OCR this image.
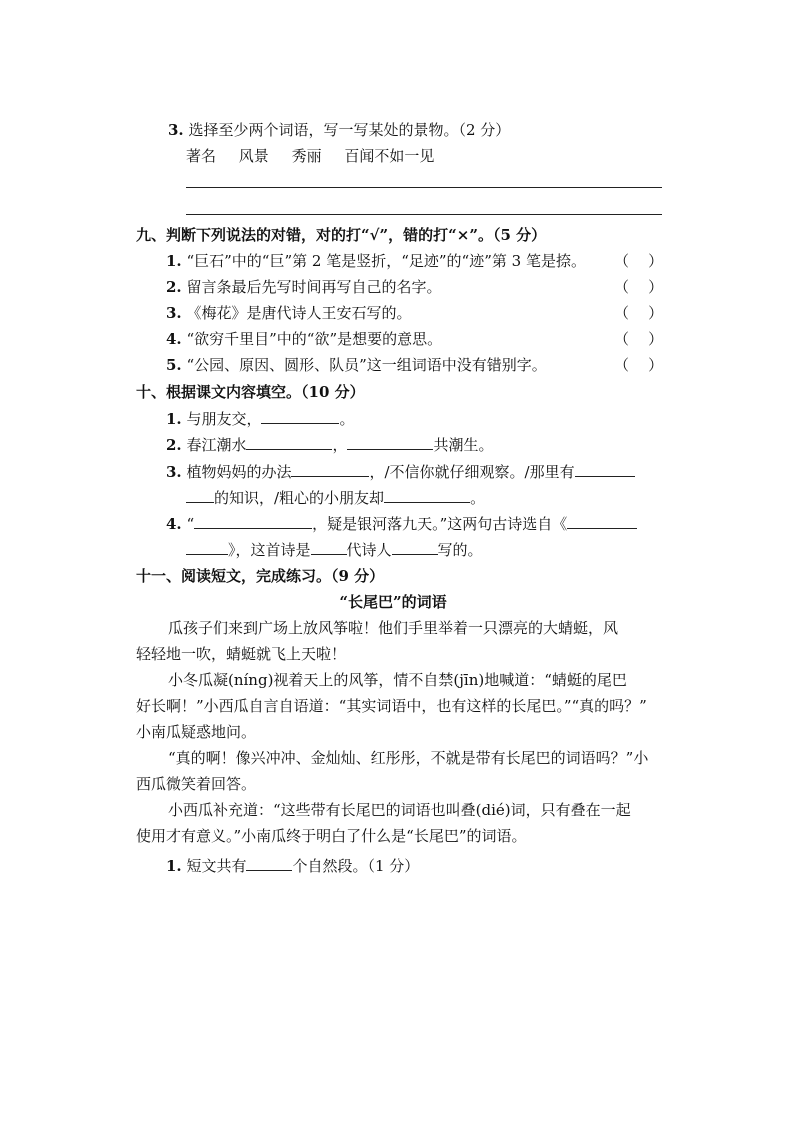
3. 选择至少两个词语，写一写某处的景物。（2 分）
著名 风景 秀丽 百闻不如一见
九、判断下列说法的对错，对的打“√”，错的打“×”。（5 分）
1. “巨石”中的“巨”第 2 笔是竖折，“足迹”的“迹”第 3 笔是捺。 （    ）
2. 留言条最后先写时间再写自己的名字。	（    ）
3. 《梅花》是唐代诗人王安石写的。	（    ）
4. “欲穷千里目”中的“欲”是想要的意思。	（    ）
5. “公园、原因、圆形、队员”这一组词语中没有错别字。	（    ）
十、根据课文内容填空。（10 分）
1. 与朋友交，	。
2. 春江潮水	，	共潮生。
3. 植物妈妈的办法	，/不信你就仔细观察。/那里有
的知识，/粗心的小朋友却	。
4. “	，疑是银河落九天。”这两句古诗选自《
》，这首诗是 代诗人	写的。
十一、阅读短文，完成练习。（9 分）
“长尾巴”的词语
瓜孩子们来到广场上放风筝啦！他们手里举着一只漂亮的大蜻蜓，风
轻轻地一吹，蜻蜓就飞上天啦！
小冬瓜凝(níng)视着天上的风筝，情不自禁(jīn)地喊道：“蜻蜓的尾巴
好长啊！”小西瓜自言自语道：“其实词语中，也有这样的长尾巴。”“真的吗？”
小南瓜疑惑地问。
“真的啊！像兴冲冲、金灿灿、红彤彤，不就是带有长尾巴的词语吗？”小
西瓜微笑着回答。
小西瓜补充道：“这些带有长尾巴的词语也叫叠(dié)词，只有叠在一起
使用才有意义。”小南瓜终于明白了什么是“长尾巴”的词语。
1. 短文共有	个自然段。（1 分）
